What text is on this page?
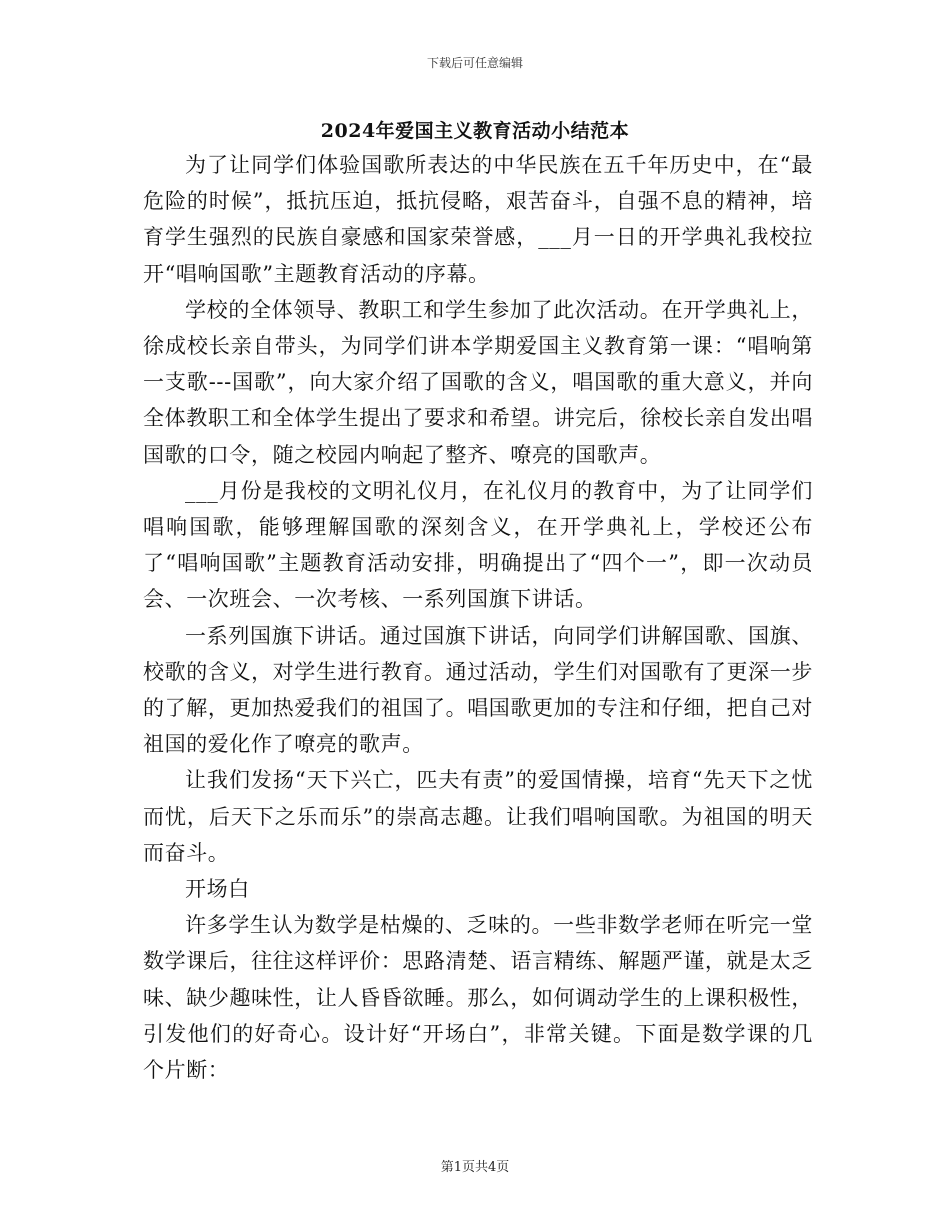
下载后可任意编辑
2024年爱国主义教育活动小结范本

为了让同学们体验国歌所表达的中华民族在五千年历史中，在“最危险的时候”，抵抗压迫，抵抗侵略，艰苦奋斗，自强不息的精神，培育学生强烈的民族自豪感和国家荣誉感，___月一日的开学典礼我校拉开“唱响国歌”主题教育活动的序幕。

学校的全体领导、教职工和学生参加了此次活动。在开学典礼上，徐成校长亲自带头，为同学们讲本学期爱国主义教育第一课：“唱响第一支歌---国歌”，向大家介绍了国歌的含义，唱国歌的重大意义，并向全体教职工和全体学生提出了要求和希望。讲完后，徐校长亲自发出唱国歌的口令，随之校园内响起了整齐、嘹亮的国歌声。

___月份是我校的文明礼仪月，在礼仪月的教育中，为了让同学们唱响国歌，能够理解国歌的深刻含义，在开学典礼上，学校还公布了“唱响国歌”主题教育活动安排，明确提出了“四个一”，即一次动员会、一次班会、一次考核、一系列国旗下讲话。

一系列国旗下讲话。通过国旗下讲话，向同学们讲解国歌、国旗、校歌的含义，对学生进行教育。通过活动，学生们对国歌有了更深一步的了解，更加热爱我们的祖国了。唱国歌更加的专注和仔细，把自己对祖国的爱化作了嘹亮的歌声。

让我们发扬“天下兴亡，匹夫有责”的爱国情操，培育“先天下之忧而忧，后天下之乐而乐”的崇高志趣。让我们唱响国歌。为祖国的明天而奋斗。

开场白

许多学生认为数学是枯燥的、乏味的。一些非数学老师在听完一堂数学课后，往往这样评价：思路清楚、语言精练、解题严谨，就是太乏味、缺少趣味性，让人昏昏欲睡。那么，如何调动学生的上课积极性，引发他们的好奇心。设计好“开场白”，非常关键。下面是数学课的几个片断：

第1页共4页
